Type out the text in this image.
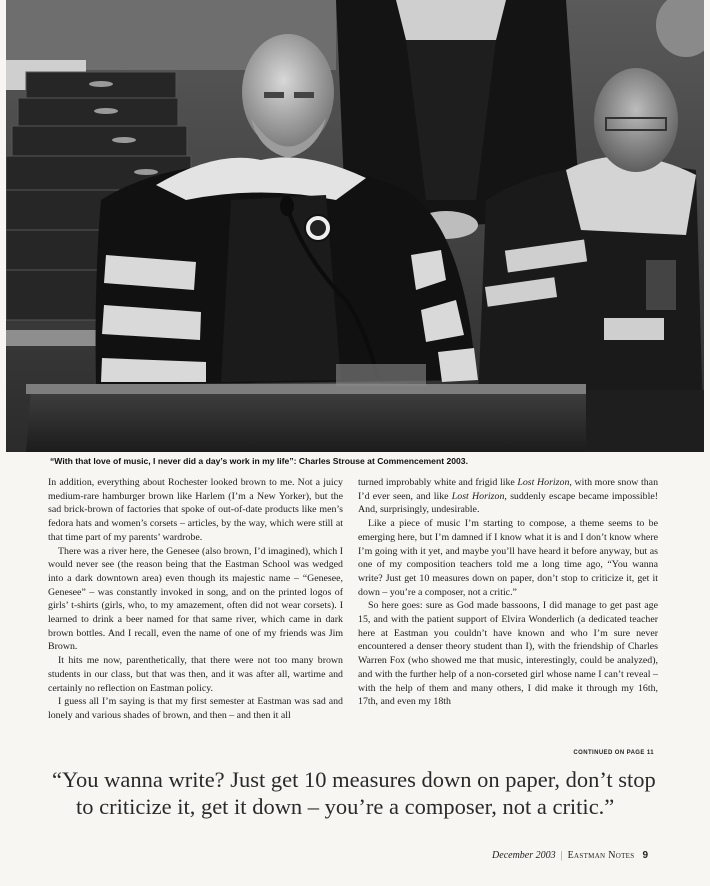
“With that love of music, I never did a day’s work in my life”: Charles Strouse at Commencement 2003.

In addition, everything about Rochester looked brown to me. Not a juicy medium-rare hamburger brown like Harlem (I’m a New Yorker), but the sad brick-brown of factories that spoke of out-of-date products like men’s fedora hats and women’s corsets – articles, by the way, which were still at that time part of my parents’ wardrobe.

There was a river here, the Genesee (also brown, I’d imagined), which I would never see (the reason being that the Eastman School was wedged into a dark downtown area) even though its majestic name – “Genesee, Genesee” – was constantly invoked in song, and on the printed logos of girls’ t-shirts (girls, who, to my amazement, often did not wear corsets). I learned to drink a beer named for that same river, which came in dark brown bottles. And I recall, even the name of one of my friends was Jim Brown.

It hits me now, parenthetically, that there were not too many brown students in our class, but that was then, and it was after all, wartime and certainly no reflection on Eastman policy.

I guess all I’m saying is that my first semester at Eastman was sad and lonely and various shades of brown, and then – and then it all

turned improbably white and frigid like Lost Horizon, with more snow than I’d ever seen, and like Lost Horizon, suddenly escape became impossible! And, surprisingly, undesirable.

Like a piece of music I’m starting to compose, a theme seems to be emerging here, but I’m damned if I know what it is and I don’t know where I’m going with it yet, and maybe you’ll have heard it before anyway, but as one of my composition teachers told me a long time ago, “You wanna write? Just get 10 measures down on paper, don’t stop to criticize it, get it down – you’re a composer, not a critic.”

So here goes: sure as God made bassoons, I did manage to get past age 15, and with the patient support of Elvira Wonderlich (a dedicated teacher here at Eastman you couldn’t have known and who I’m sure never encountered a denser theory student than I), with the friendship of Charles Warren Fox (who showed me that music, interestingly, could be analyzed), and with the further help of a non-corseted girl whose name I can’t reveal – with the help of them and many others, I did make it through my 16th, 17th, and even my 18th

CONTINUED ON PAGE 11
“You wanna write? Just get 10 measures down on paper, don’t stop

to criticize it, get it down – you’re a composer, not a critic.”
December 2003 | Eastman Notes 9
